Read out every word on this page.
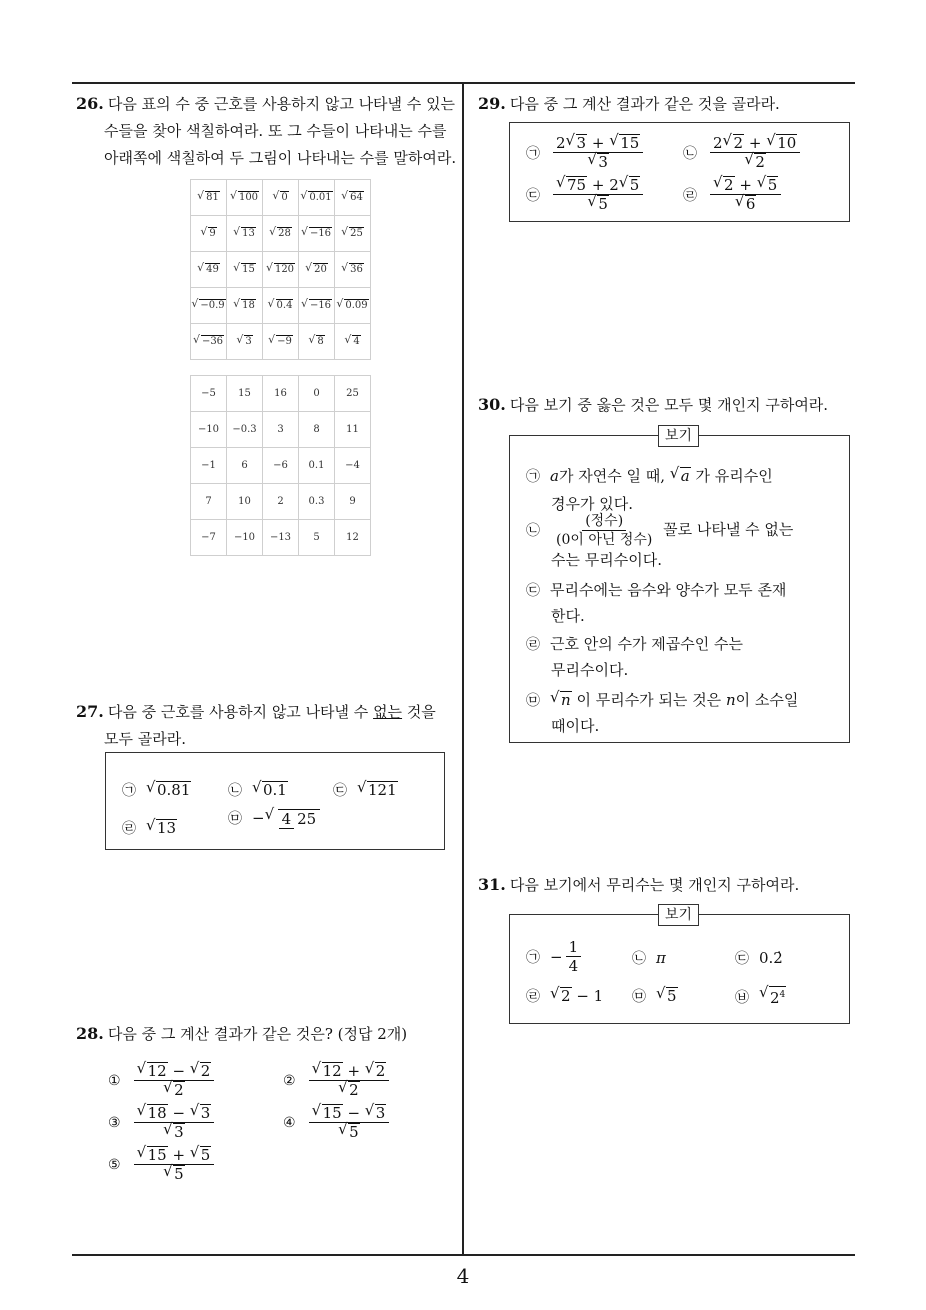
26. 다음 표의 수 중 근호를 사용하지 않고 나타낼 수 있는
수들을 찾아 색칠하여라. 또 그 수들이 나타내는 수를
아래쪽에 색칠하여 두 그림이 나타내는 수를 말하여라.
√ 81	√ 100	√ 0	√ 0.01	√ 64
√ 9	√ 13	√ 28	√ −16	√ 25
√ 49	√ 15	√ 120	√ 20	√ 36
√ −0.9	√ 18	√ 0.4	√ −16	√ 0.09
√ −36	√ 3	√ −9	√ 8	√ 4
−5	15	16	0	25
−10	−0.3	3	8	11
−1	6	−6	0.1	−4
7	10	2	0.3	9
−7	−10	−13	5	12
27. 다음 중 근호를 사용하지 않고 나타낼 수 없는 것을
모두 골라라.
㉠	√ 0.81	㉡	√ 0.1	㉢	√ 121
㉣	√ 13	㉤ −	√ 4 25
28. 다음 중 그 계산 결과가 같은 것은? (정답 2개)
① √ 12 − √ 2
√ 2	② √ 12 + √ 2
√ 2
③ √ 18 − √ 3
√ 3	④ √ 15 − √ 3
√ 5
⑤ √ 15 + √ 5
√ 5
29. 다음 중 그 계산 결과가 같은 것을 골라라.
㉠ 2 √ 3 + √ 15
√ 3	㉡ 2 √ 2 + √ 10
√ 2
㉢ √ 75 + 2 √ 5
√ 5	㉣ √ 2 + √ 5
√ 6
30. 다음 보기 중 옳은 것은 모두 몇 개인지 구하여라.
보기
㉠ a가 자연수 일 때, √ a 가 유리수인
경우가 있다.
㉡ $\frac{\text{(정수)}}{\text{(0이 아닌 정수)}}$ 꼴로 나타낼 수 없는
수는 무리수이다.
㉢ 무리수에는 음수와 양수가 모두 존재
한다.
㉣ 근호 안의 수가 제곱수인 수는
무리수이다.
㉤ √ n 이 무리수가 되는 것은 n이 소수일
때이다.
31. 다음 보기에서 무리수는 몇 개인지 구하여라.
보기
㉠ − $\frac{1}{4}$	㉡ π	㉢ 0.2̇
㉣	√ 2 − 1 ㉤	√ 5	㉥	√ $2^4$
4
